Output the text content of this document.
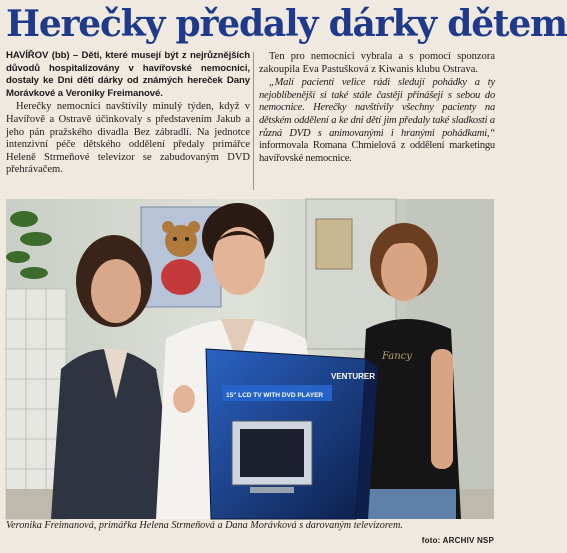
Herečky předaly dárky dětem

HAVÍŘOV (bb) – Děti, které musejí být z nejrůznějších důvodů hospitalizovány v havířovské nemocnici, dostaly ke Dni dětí dárky od známých hereček Dany Morávkové a Veroniky Freimanové.

Herečky nemocnici navštívily minulý týden, když v Havířově a Ostravě účinkovaly s představením Jakub a jeho pán pražského divadla Bez zábradlí. Na jednotce intenzivní péče dětského oddělení předaly primářce Heleně Strmeňové televizor se zabudovaným DVD přehrávačem.

Ten pro nemocnici vybrala a s pomocí sponzora zakoupila Eva Pastušková z Kiwanis klubu Ostrava.

„Malí pacienti velice rádi sledují pohádky a ty nejoblíbenější si také stále častěji přinášejí s sebou do nemocnice. Herečky navštívily všechny pacienty na dětském oddělení a ke dni dětí jim předaly také sladkosti a různá DVD s animovanými i hranými pohádkami,“ informovala Romana Chmielová z oddělení marketingu havířovské nemocnice.

VENTURER
15" LCD TV WITH DVD PLAYER
Fancy

Veronika Freimanová, primářka Helena Strmeňová a Dana Morávková s darovaným televizorem.

foto: ARCHIV NSP
